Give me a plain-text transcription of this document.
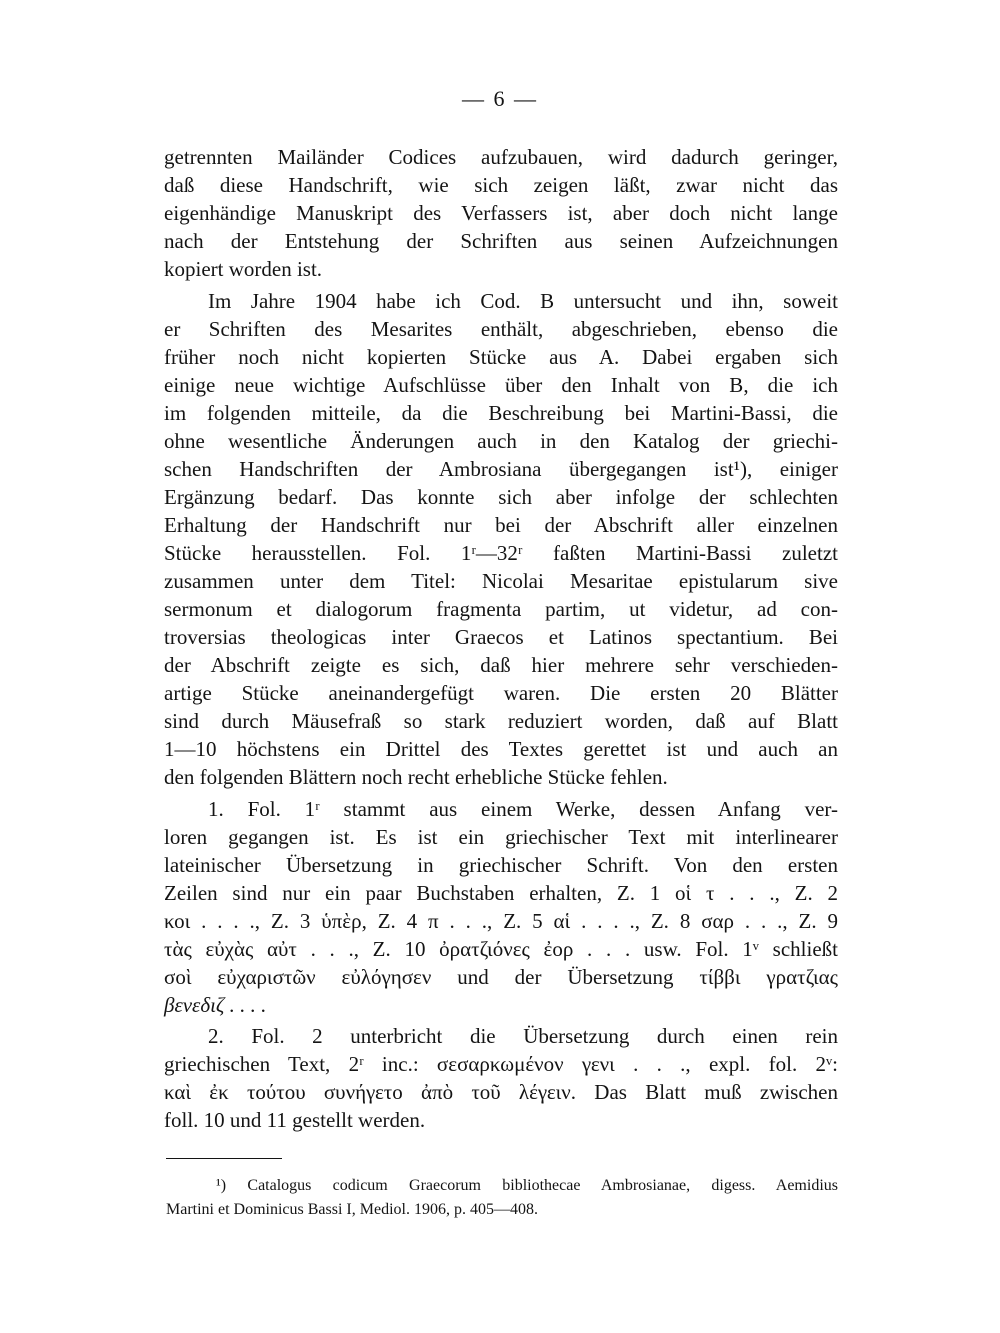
— 6 —
getrennten Mailänder Codices aufzubauen, wird dadurch geringer,
daß diese Handschrift, wie sich zeigen läßt, zwar nicht das
eigenhändige Manuskript des Verfassers ist, aber doch nicht lange
nach der Entstehung der Schriften aus seinen Aufzeichnungen
kopiert worden ist.
Im Jahre 1904 habe ich Cod. B untersucht und ihn, soweit
er Schriften des Mesarites enthält, abgeschrieben, ebenso die
früher noch nicht kopierten Stücke aus A. Dabei ergaben sich
einige neue wichtige Aufschlüsse über den Inhalt von B, die ich
im folgenden mitteile, da die Beschreibung bei Martini-Bassi, die
ohne wesentliche Änderungen auch in den Katalog der griechi-
schen Handschriften der Ambrosiana übergegangen ist¹), einiger
Ergänzung bedarf. Das konnte sich aber infolge der schlechten
Erhaltung der Handschrift nur bei der Abschrift aller einzelnen
Stücke herausstellen. Fol. 1ʳ—32ʳ faßten Martini-Bassi zuletzt
zusammen unter dem Titel: Nicolai Mesaritae epistularum sive
sermonum et dialogorum fragmenta partim, ut videtur, ad con-
troversias theologicas inter Graecos et Latinos spectantium. Bei
der Abschrift zeigte es sich, daß hier mehrere sehr verschieden-
artige Stücke aneinandergefügt waren. Die ersten 20 Blätter
sind durch Mäusefraß so stark reduziert worden, daß auf Blatt
1—10 höchstens ein Drittel des Textes gerettet ist und auch an
den folgenden Blättern noch recht erhebliche Stücke fehlen.
1. Fol. 1ʳ stammt aus einem Werke, dessen Anfang ver-
loren gegangen ist. Es ist ein griechischer Text mit interlinearer
lateinischer Übersetzung in griechischer Schrift. Von den ersten
Zeilen sind nur ein paar Buchstaben erhalten, Z. 1 οἱ τ . . ., Z. 2
κοι . . . ., Z. 3 ὑπὲρ, Z. 4 π . . ., Z. 5 αἱ . . . ., Z. 8 σαρ . . ., Z. 9
τὰς εὐχὰς αὐτ . . ., Z. 10 ὀρατζιόνες ἐορ . . . usw. Fol. 1ᵛ schließt
σοὶ εὐχαριστῶν εὐλόγησεν und der Übersetzung τίββι γρατζιας
βενεδιζ . . . .
2. Fol. 2 unterbricht die Übersetzung durch einen rein
griechischen Text, 2ʳ inc.: σεσαρκωμένον γενι . . ., expl. fol. 2ᵛ:
καὶ ἐκ τούτου συνήγετο ἀπὸ τοῦ λέγειν. Das Blatt muß zwischen
foll. 10 und 11 gestellt werden.
¹) Catalogus codicum Graecorum bibliothecae Ambrosianae, digess. Aemidius
Martini et Dominicus Bassi I, Mediol. 1906, p. 405—408.
